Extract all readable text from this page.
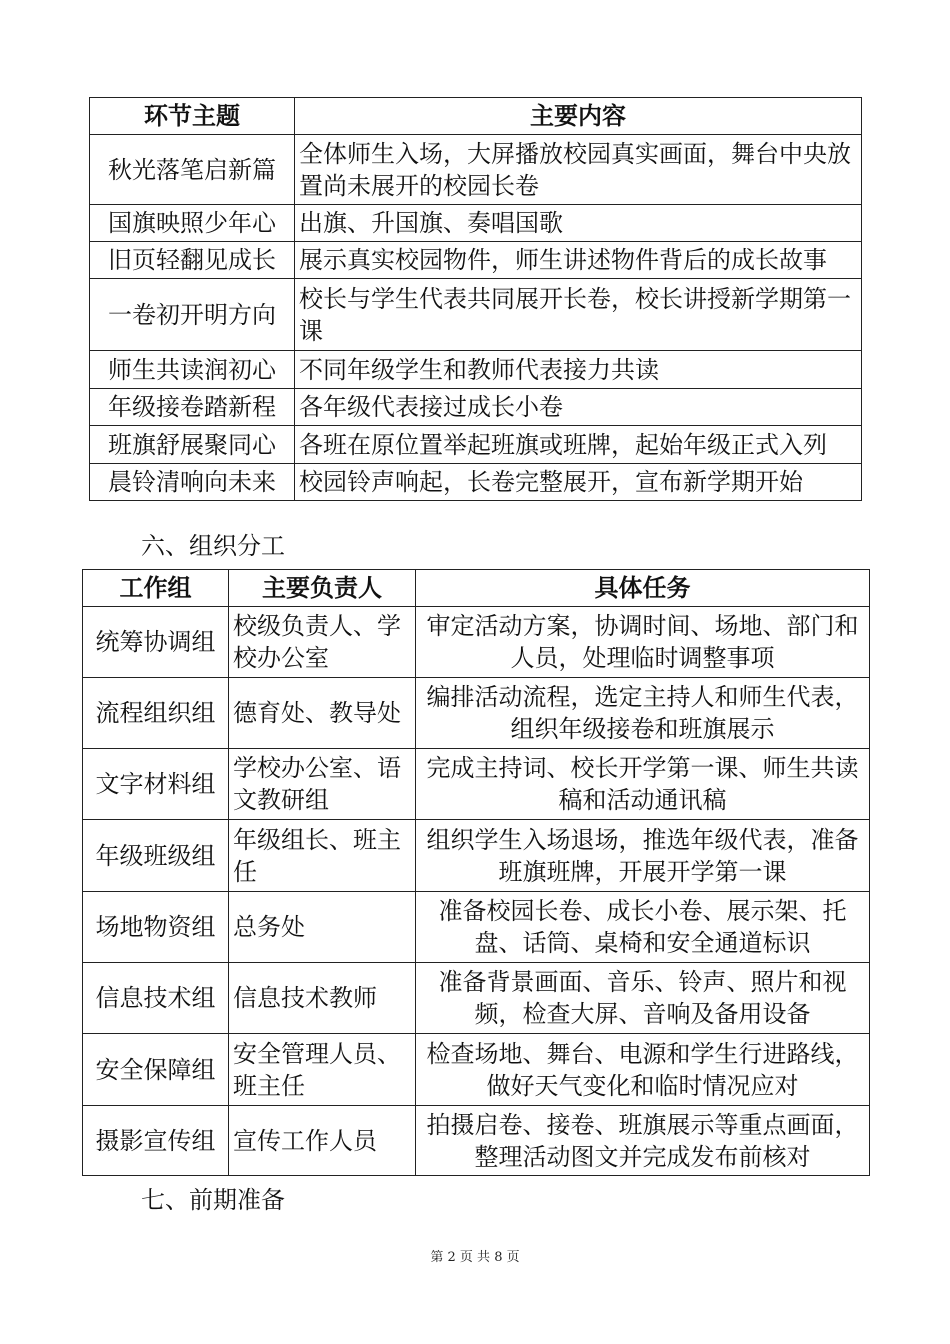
环节主题	主要内容
秋光落笔启新篇	全体师生入场，大屏播放校园真实画面，舞台中央放置尚未展开的校园长卷
国旗映照少年心	出旗、升国旗、奏唱国歌
旧页轻翻见成长	展示真实校园物件，师生讲述物件背后的成长故事
一卷初开明方向	校长与学生代表共同展开长卷，校长讲授新学期第一课
师生共读润初心	不同年级学生和教师代表接力共读
年级接卷踏新程	各年级代表接过成长小卷
班旗舒展聚同心	各班在原位置举起班旗或班牌，起始年级正式入列
晨铃清响向未来	校园铃声响起，长卷完整展开，宣布新学期开始
六、组织分工
工作组	主要负责人	具体任务
统筹协调组	校级负责人、学校办公室	审定活动方案，协调时间、场地、部门和人员，处理临时调整事项
流程组织组	德育处、教导处	编排活动流程，选定主持人和师生代表，组织年级接卷和班旗展示
文字材料组	学校办公室、语文教研组	完成主持词、校长开学第一课、师生共读稿和活动通讯稿
年级班级组	年级组长、班主任	组织学生入场退场，推选年级代表，准备班旗班牌，开展开学第一课
场地物资组	总务处	准备校园长卷、成长小卷、展示架、托盘、话筒、桌椅和安全通道标识
信息技术组	信息技术教师	准备背景画面、音乐、铃声、照片和视频，检查大屏、音响及备用设备
安全保障组	安全管理人员、班主任	检查场地、舞台、电源和学生行进路线，做好天气变化和临时情况应对
摄影宣传组	宣传工作人员	拍摄启卷、接卷、班旗展示等重点画面，整理活动图文并完成发布前核对
七、前期准备
第 2 页 共 8 页
